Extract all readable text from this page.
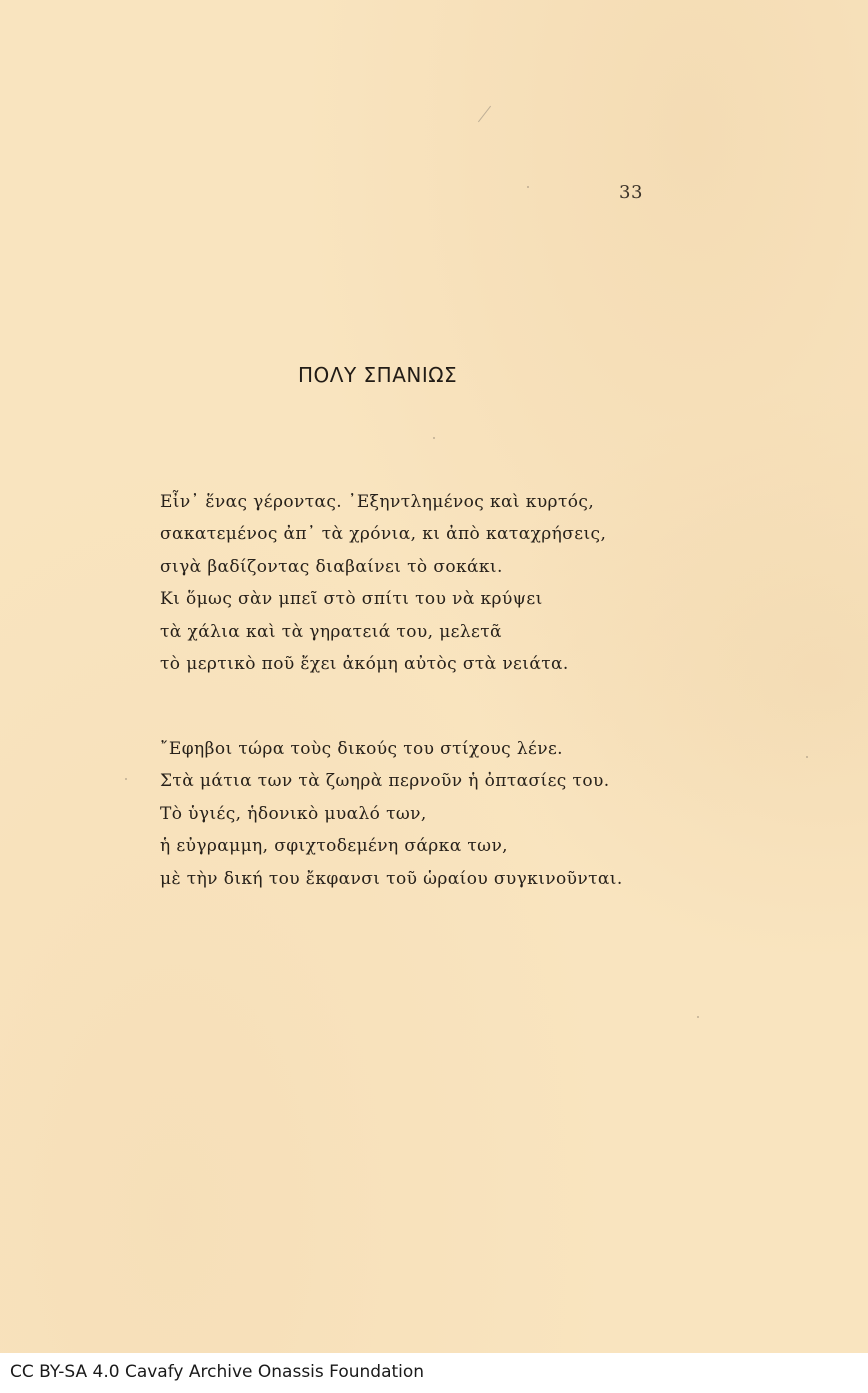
33
ΠΟΛΥ ΣΠΑΝΙΩΣ
Εἶν᾿ ἕνας γέροντας. ᾿Εξηντλημένος καὶ κυρτός,
σακατεμένος ἀπ᾿ τὰ χρόνια, κι ἀπὸ καταχρήσεις,
σιγὰ βαδίζοντας διαβαίνει τὸ σοκάκι.
Κι ὅμως σὰν μπεῖ στὸ σπίτι του νὰ κρύψει
τὰ χάλια καὶ τὰ γηρατειά του, μελετᾶ
τὸ μερτικὸ ποῦ ἔχει ἀκόμη αὐτὸς στὰ νειάτα.
῎Εφηβοι τώρα τοὺς δικούς του στίχους λένε.
Στὰ μάτια των τὰ ζωηρὰ περνοῦν ἡ ὀπτασίες του.
Τὸ ὑγιές, ἡδονικὸ μυαλό των,
ἡ εὐγραμμη, σφιχτοδεμένη σάρκα των,
μὲ τὴν δική του ἔκφανσι τοῦ ὡραίου συγκινοῦνται.
CC BY-SA 4.0 Cavafy Archive Onassis Foundation
